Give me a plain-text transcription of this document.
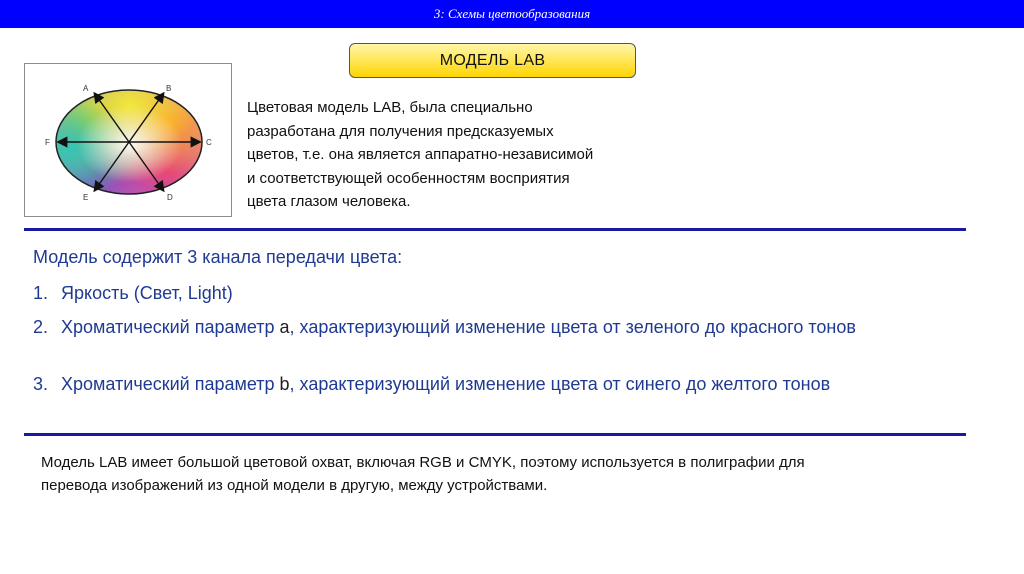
3: Схемы цветообразования
МОДЕЛЬ LAB
A	B
C
D
E
F
Цветовая модель LAB, была специально
разработана для получения предсказуемых
цветов, т.е. она является аппаратно-независимой
и соответствующей особенностям восприятия
цвета глазом человека.
Модель содержит 3 канала передачи цвета:
1. Яркость (Свет, Light)
2. Хроматический параметр a, характеризующий изменение цвета от зеленого до красного тонов
3. Хроматический параметр b, характеризующий изменение цвета от синего до желтого тонов
Модель LAB имеет большой цветовой охват, включая RGB и CMYK, поэтому используется в полиграфии для
перевода изображений из одной модели в другую, между устройствами.
